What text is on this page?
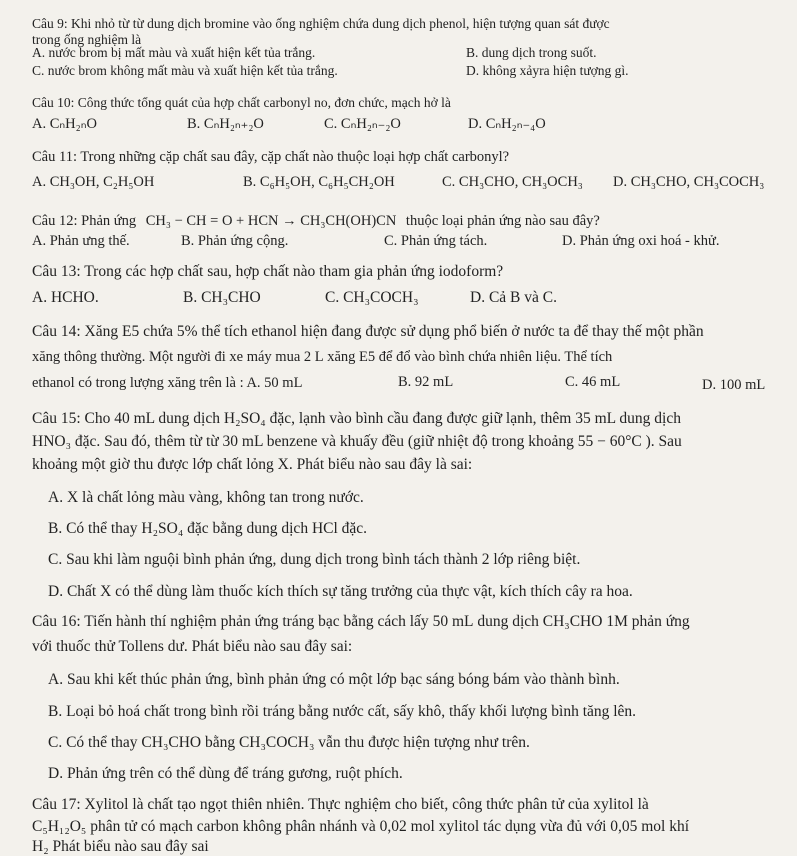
Câu 9: Khi nhỏ từ từ dung dịch bromine vào ống nghiệm chứa dung dịch phenol, hiện tượng quan sát được
trong ống nghiệm là
A. nước brom bị mất màu và xuất hiện kết tủa trắng.	B. dung dịch trong suốt.
C. nước brom không mất màu và xuất hiện kết tủa trắng.	D. không xảyra hiện tượng gì.
Câu 10: Công thức tổng quát của hợp chất carbonyl no, đơn chức, mạch hở là
A. CₙH₂ₙO	B. CₙH₂ₙ₊₂O	C. CₙH₂ₙ₋₂O	D. CₙH₂ₙ₋₄O
Câu 11: Trong những cặp chất sau đây, cặp chất nào thuộc loại hợp chất carbonyl?
A. CH₃OH, C₂H₅OH	B. C₆H₅OH, C₆H₅CH₂OH	C. CH₃CHO, CH₃OCH₃ D. CH₃CHO, CH₃COCH₃
Câu 12: Phản ứng CH₃ − CH = O + HCN → CH₃CH(OH)CN thuộc loại phản ứng nào sau đây?
A. Phản ưng thế.	B. Phản ứng cộng.	C. Phản ứng tách.	D. Phản ứng oxi hoá - khử.
Câu 13: Trong các hợp chất sau, hợp chất nào tham gia phản ứng iodoform?
A. HCHO.	B. CH₃CHO	C. CH₃COCH₃	D. Cả B và C.
Câu 14: Xăng E5 chứa 5% thể tích ethanol hiện đang được sử dụng phổ biến ở nước ta để thay thế một phần
xăng thông thường. Một người đi xe máy mua 2 L xăng E5 để đổ vào bình chứa nhiên liệu. Thể tích
ethanol có trong lượng xăng trên là : A. 50 mL	B. 92 mL	C. 46 mL	D. 100 mL
Câu 15: Cho 40 mL dung dịch H₂SO₄ đặc, lạnh vào bình cầu đang được giữ lạnh, thêm 35 mL dung dịch
HNO₃ đặc. Sau đó, thêm từ từ 30 mL benzene và khuấy đều (giữ nhiệt độ trong khoảng 55 − 60°C ). Sau
khoảng một giờ thu được lớp chất lỏng X. Phát biểu nào sau đây là sai:
A. X là chất lỏng màu vàng, không tan trong nước.
B. Có thể thay H₂SO₄ đặc bằng dung dịch HCl đặc.
C. Sau khi làm nguội bình phản ứng, dung dịch trong bình tách thành 2 lớp riêng biệt.
D. Chất X có thể dùng làm thuốc kích thích sự tăng trưởng của thực vật, kích thích cây ra hoa.
Câu 16: Tiến hành thí nghiệm phản ứng tráng bạc bằng cách lấy 50 mL dung dịch CH₃CHO 1M phản ứng
với thuốc thử Tollens dư. Phát biểu nào sau đây sai:
A. Sau khi kết thúc phản ứng, bình phản ứng có một lớp bạc sáng bóng bám vào thành bình.
B. Loại bỏ hoá chất trong bình rồi tráng bằng nước cất, sấy khô, thấy khối lượng bình tăng lên.
C. Có thể thay CH₃CHO bằng CH₃COCH₃ vẫn thu được hiện tượng như trên.
D. Phản ứng trên có thể dùng để tráng gương, ruột phích.
Câu 17: Xylitol là chất tạo ngọt thiên nhiên. Thực nghiệm cho biết, công thức phân tử của xylitol là
C₅H₁₂O₅ phân tử có mạch carbon không phân nhánh và 0,02 mol xylitol tác dụng vừa đủ với 0,05 mol khí
H₂ Phát biểu nào sau đây sai
